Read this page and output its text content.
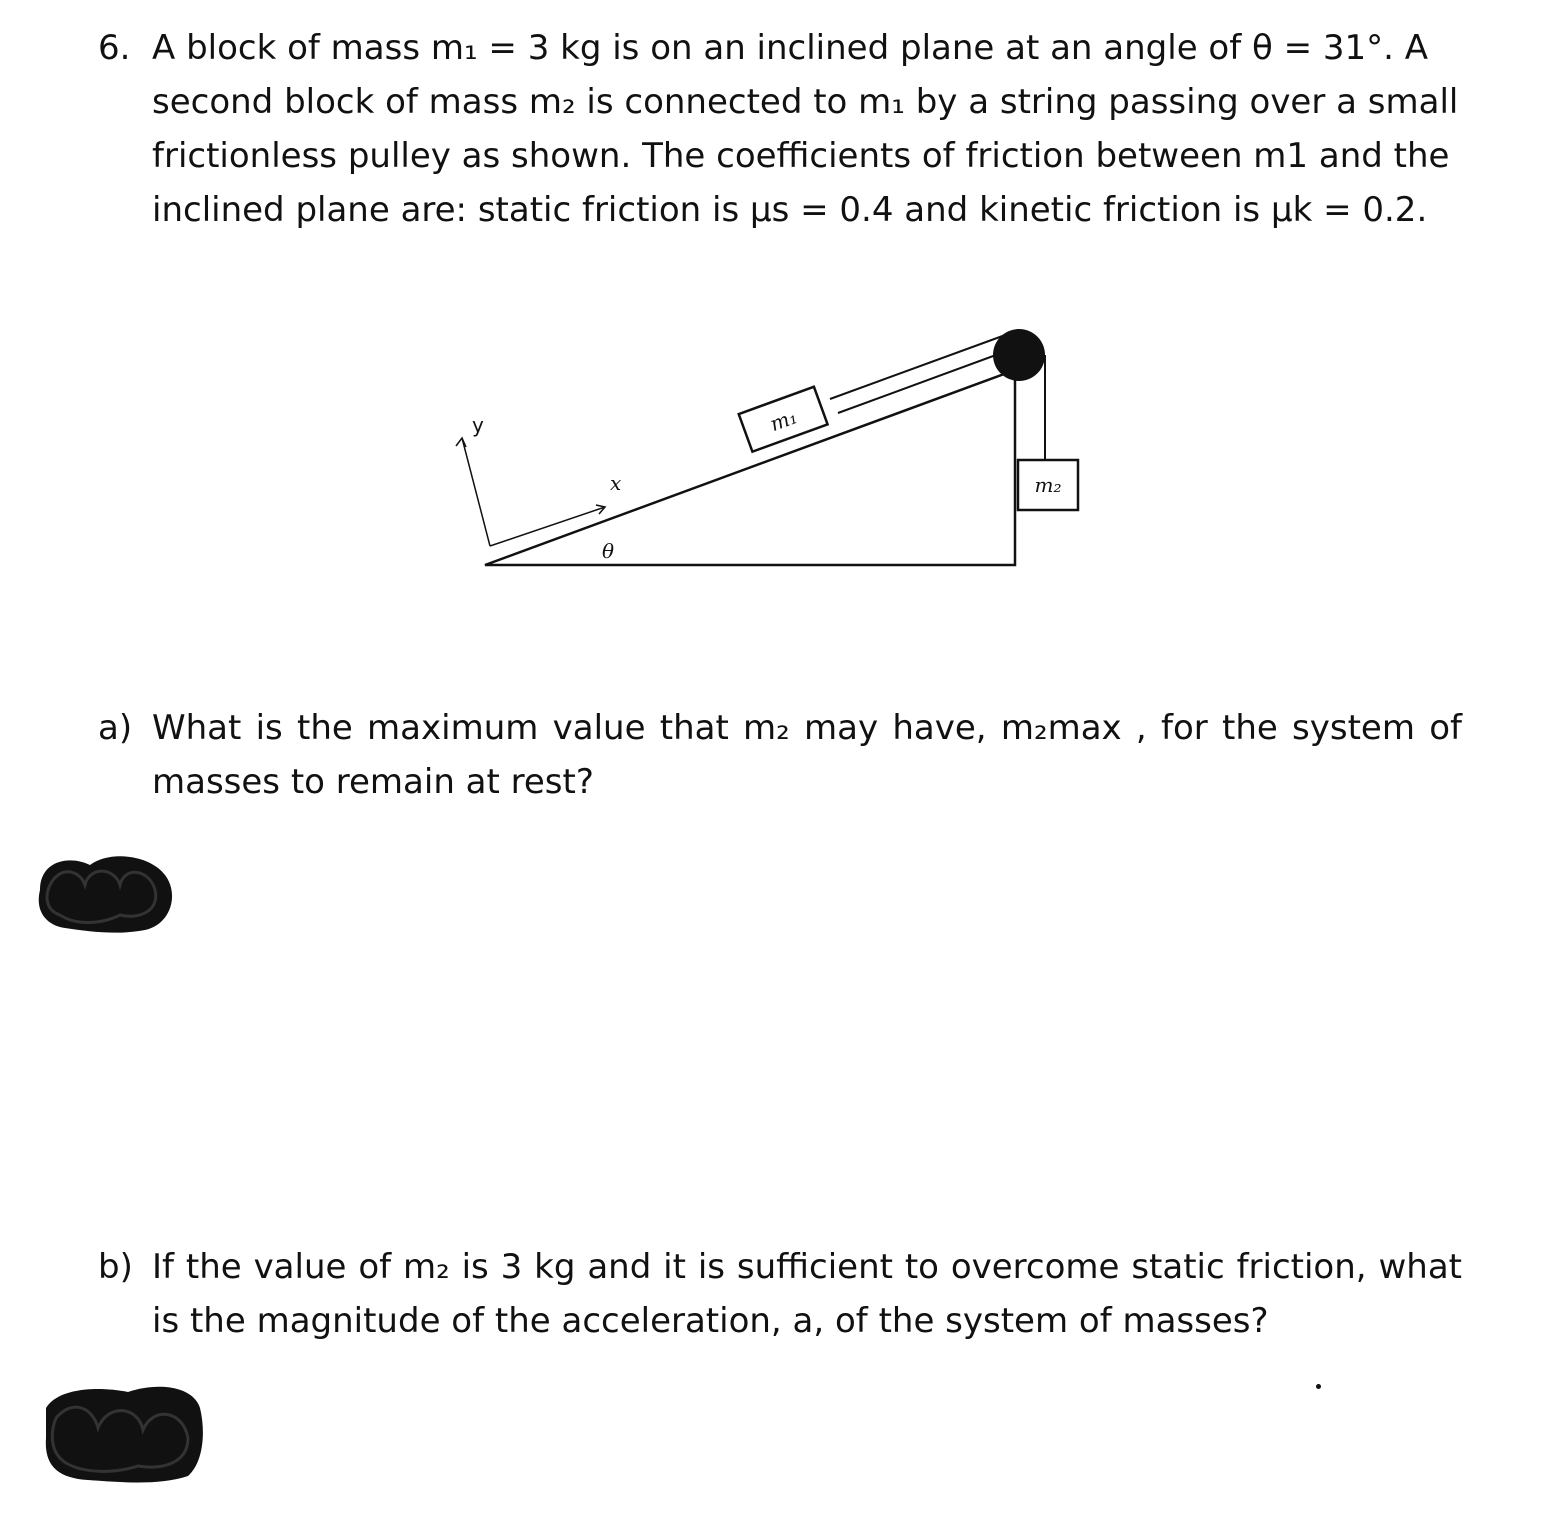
6. A block of mass m₁ = 3 kg is on an inclined plane at an angle of θ = 31°. A
second block of mass m₂ is connected to m₁ by a string passing over a small
frictionless pulley as shown. The coefficients of friction between m1 and the
inclined plane are: static friction is µs = 0.4 and kinetic friction is µk = 0.2.
y
x
θ
m₁
m₂
a) What is the maximum value that m₂ may have, m₂max , for the system of
masses to remain at rest?
b) If the value of m₂ is 3 kg and it is sufficient to overcome static friction, what
is the magnitude of the acceleration, a, of the system of masses?
